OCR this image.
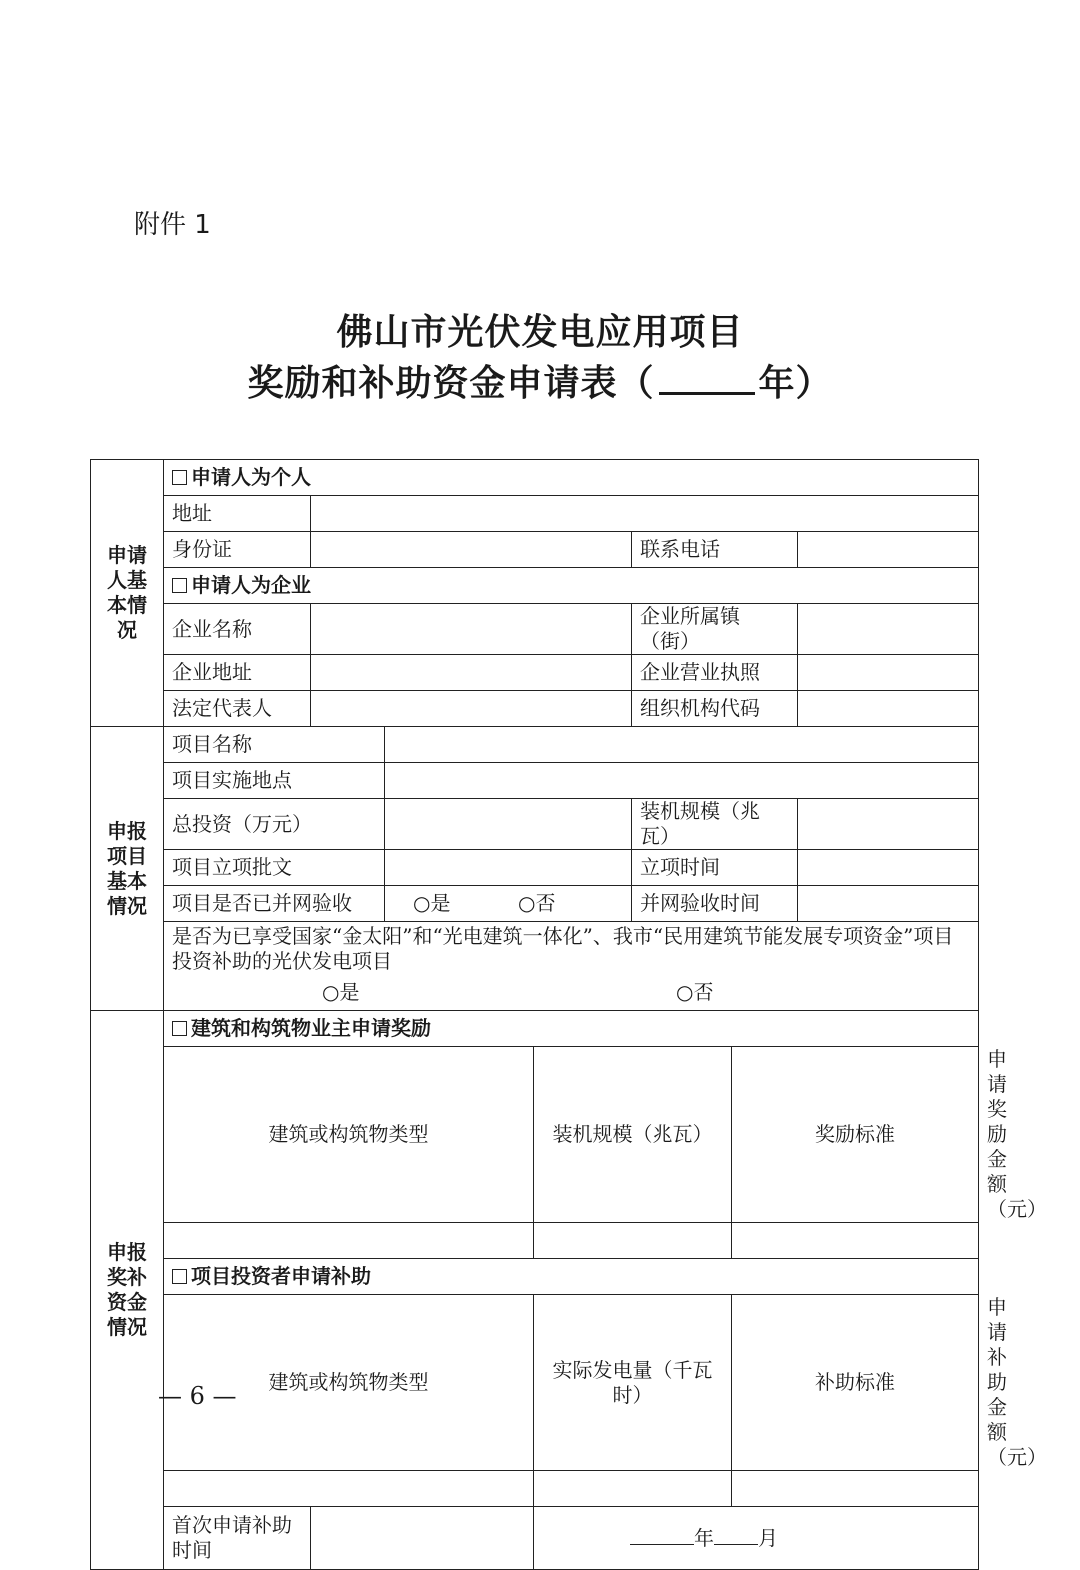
附件 1
佛山市光伏发电应用项目
奖励和补助资金申请表（	年）
申请人基本情况	申请人为个人							
	地址							
	身份证				联系电话			
	申请人为企业							
	企业名称				企业所属镇（街）			
	企业地址				企业营业执照			
	法定代表人				组织机构代码			
申报项目基本情况	项目名称							
	项目实施地点							
	总投资（万元）				装机规模（兆瓦）			
	项目立项批文				立项时间			
	项目是否已并网验收		○是 ○否		并网验收时间			

	是否为已享受国家“金太阳”和“光电建筑一体化”、我市“民用建筑节能发展专项资金”项目投资补助的光伏发电项目
○是 ○否							

申报奖补资金情况	建筑和构筑物业主申请奖励							
	建筑或构筑物类型			装机规模（兆瓦）		奖励标准		申请奖励金额（元）

	项目投资者申请补助							
	建筑或构筑物类型			实际发电量（千瓦时）		补助标准		申请补助金额（元）

	首次申请补助时间			年 月				
— 6 —
